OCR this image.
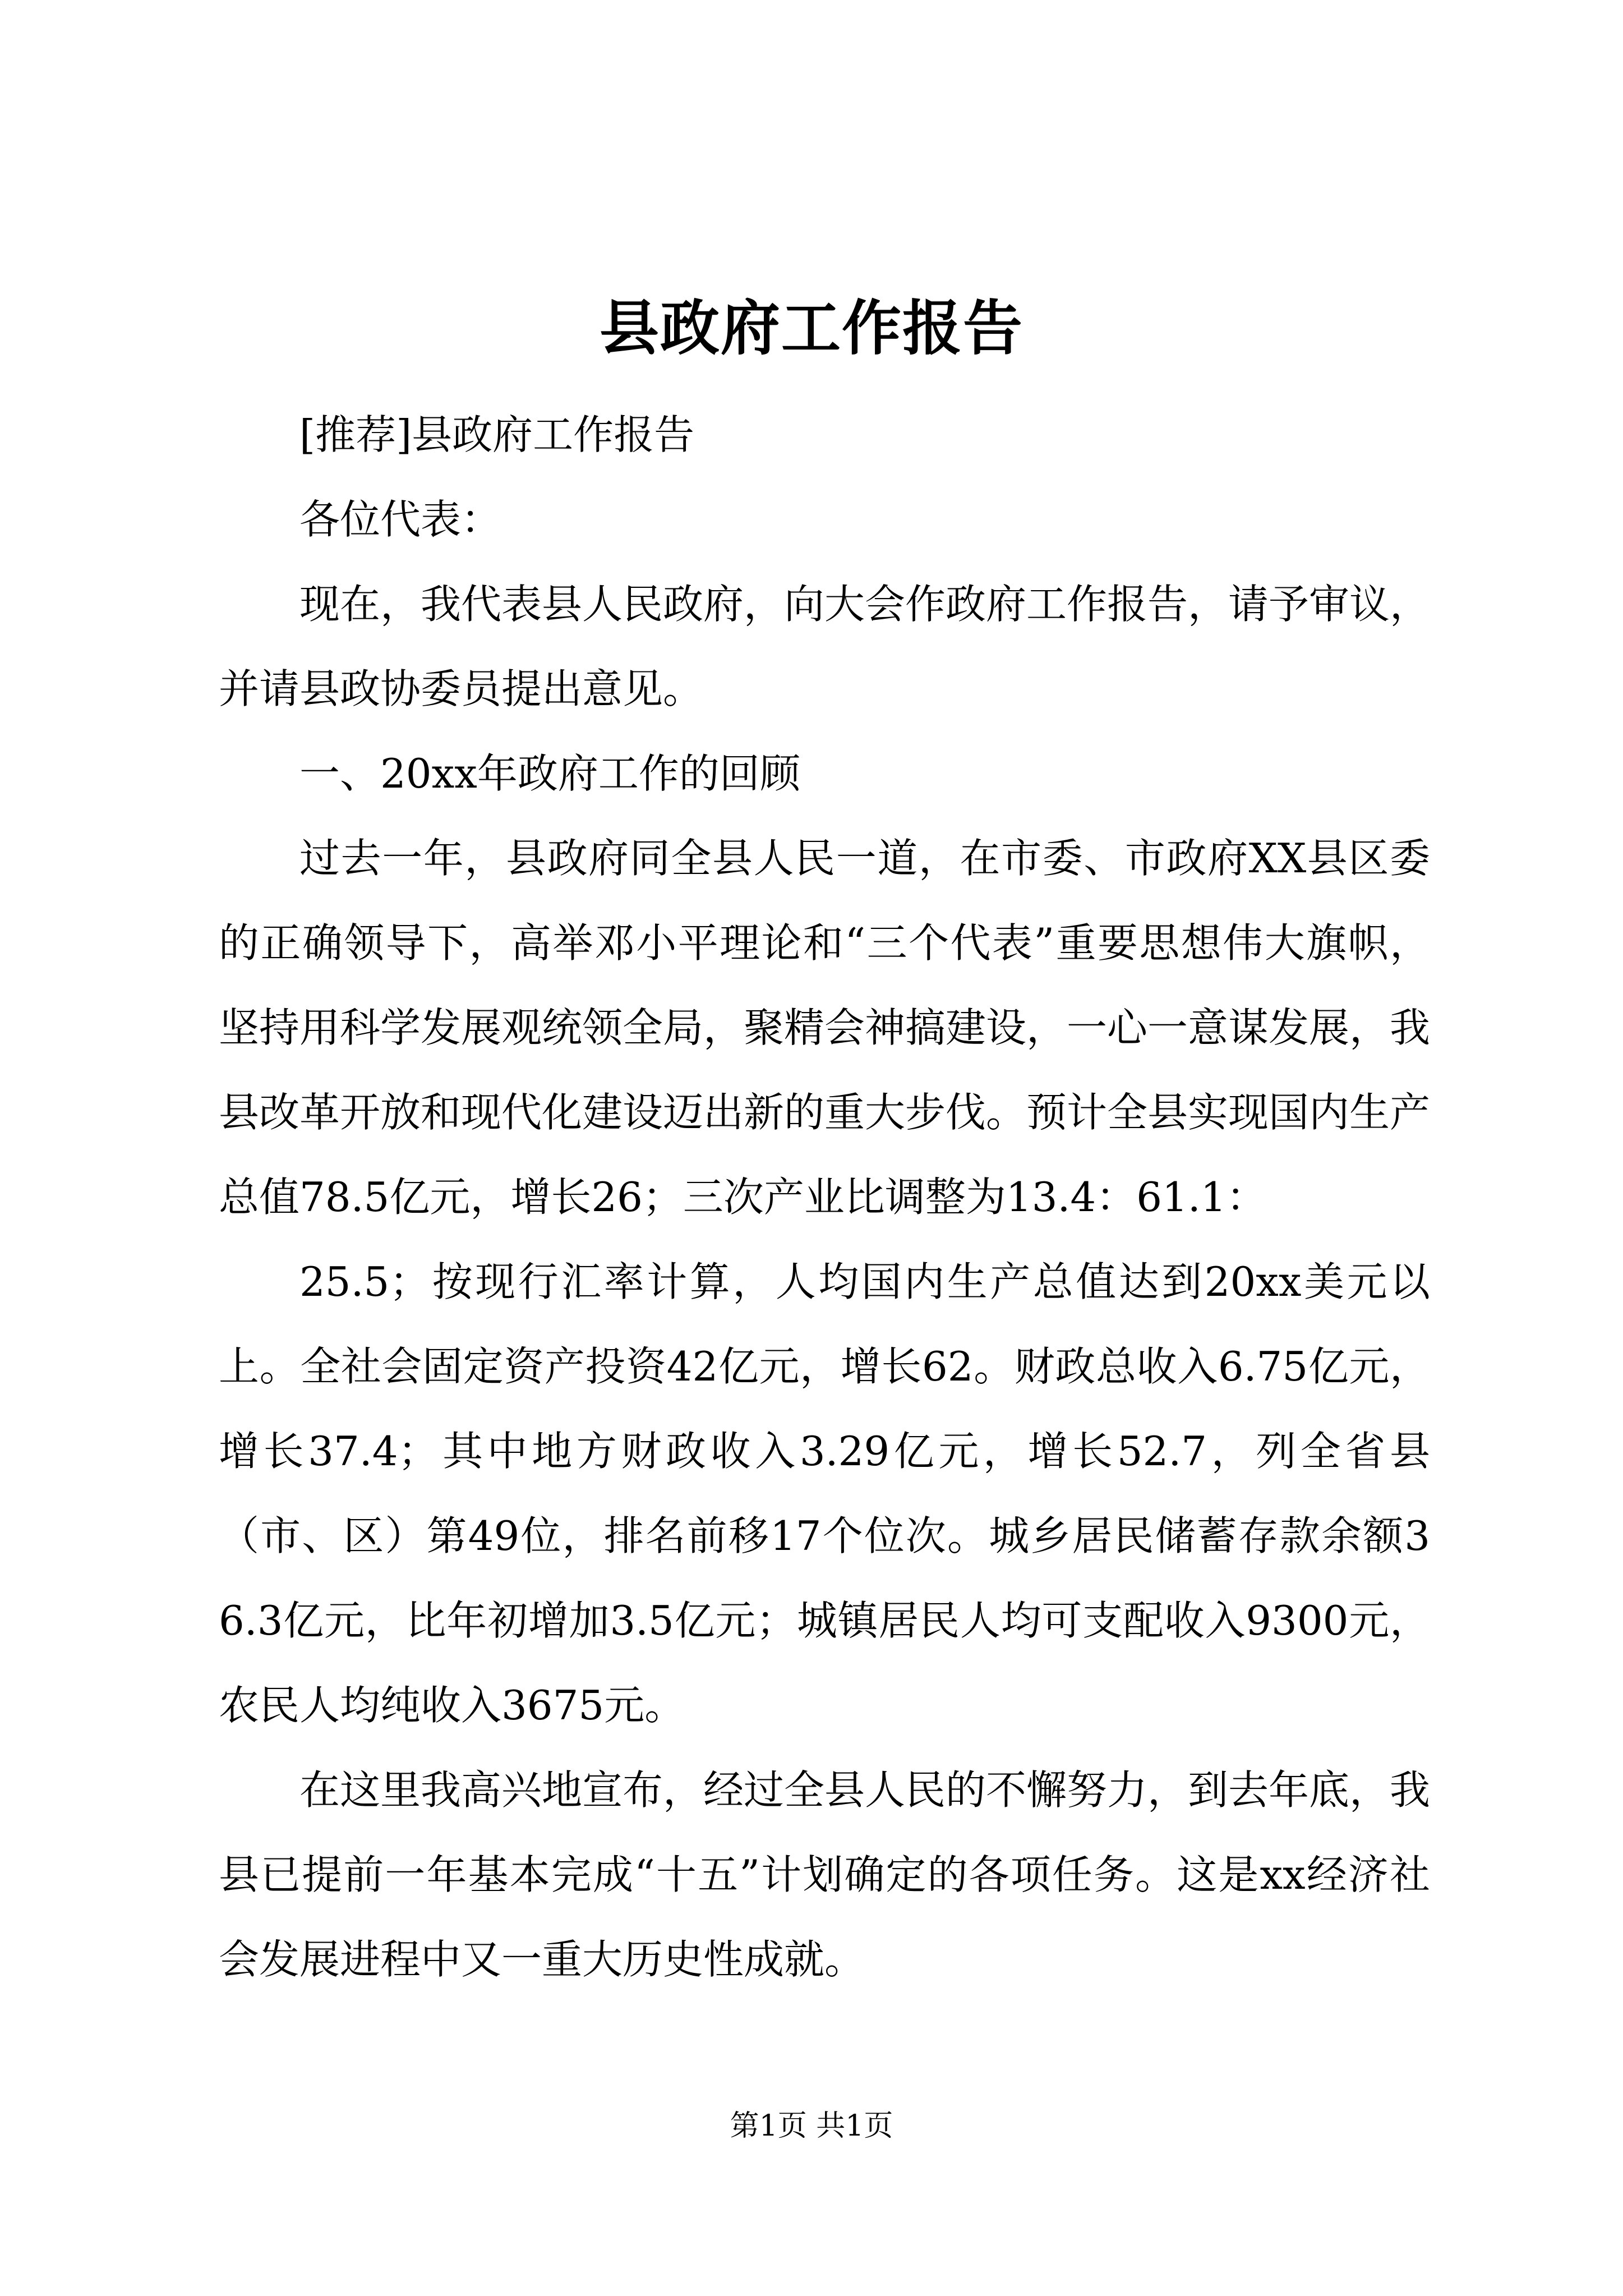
县政府工作报告

[推荐]县政府工作报告

各位代表：

现在，我代表县人民政府，向大会作政府工作报告，请予审议，并请县政协委员提出意见。

一、20xx年政府工作的回顾

过去一年，县政府同全县人民一道，在市委、市政府XX县区委的正确领导下，高举邓小平理论和“三个代表”重要思想伟大旗帜，坚持用科学发展观统领全局，聚精会神搞建设，一心一意谋发展，我县改革开放和现代化建设迈出新的重大步伐。预计全县实现国内生产总值78.5亿元，增长26；三次产业比调整为13.4：61.1：

25.5；按现行汇率计算，人均国内生产总值达到20xx美元以上。全社会固定资产投资42亿元，增长62。财政总收入6.75亿元，增长37.4；其中地方财政收入3.29亿元，增长52.7，列全省县（市、区）第49位，排名前移17个位次。城乡居民储蓄存款余额36.3亿元，比年初增加3.5亿元；城镇居民人均可支配收入9300元，农民人均纯收入3675元。

在这里我高兴地宣布，经过全县人民的不懈努力，到去年底，我县已提前一年基本完成“十五”计划确定的各项任务。这是xx经济社会发展进程中又一重大历史性成就。

第1页 共1页
